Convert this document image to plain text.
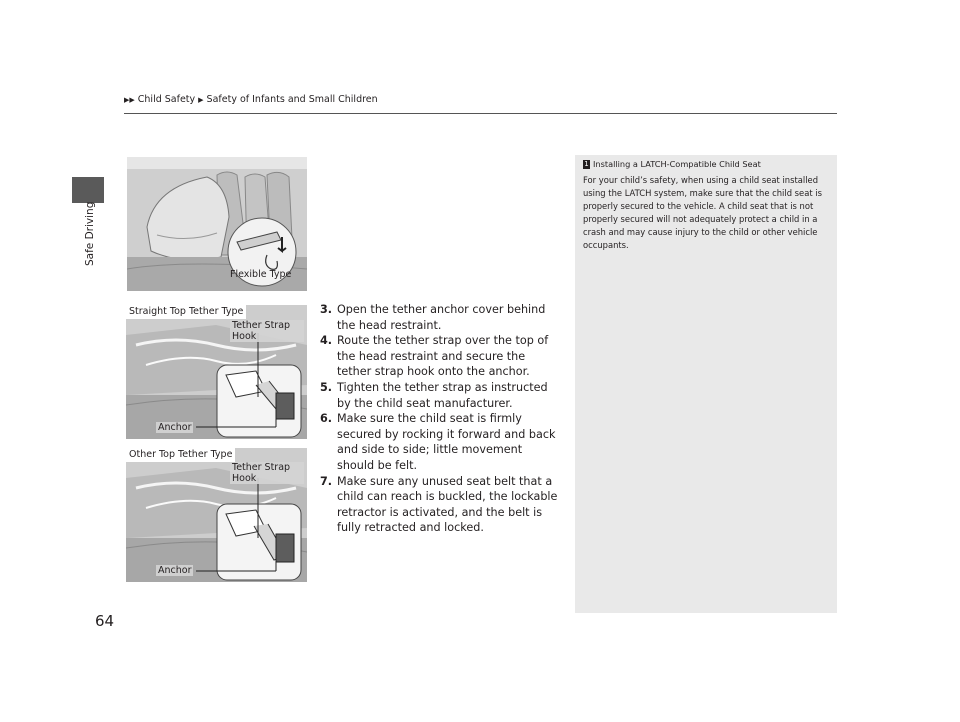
▶▶ Child Safety ▶ Safety of Infants and Small Children
Safe Driving
Flexible Type
Straight Top Tether Type
Tether Strap Hook
Anchor
Other Top Tether Type
Tether Strap Hook
Anchor
3. Open the tether anchor cover behind the head restraint.
4. Route the tether strap over the top of the head restraint and secure the tether strap hook onto the anchor.
5. Tighten the tether strap as instructed by the child seat manufacturer.
6. Make sure the child seat is firmly secured by rocking it forward and back and side to side; little movement should be felt.
7. Make sure any unused seat belt that a child can reach is buckled, the lockable retractor is activated, and the belt is fully retracted and locked.
1 Installing a LATCH-Compatible Child Seat
For your child’s safety, when using a child seat installed using the LATCH system, make sure that the child seat is properly secured to the vehicle. A child seat that is not properly secured will not adequately protect a child in a crash and may cause injury to the child or other vehicle occupants.
64
